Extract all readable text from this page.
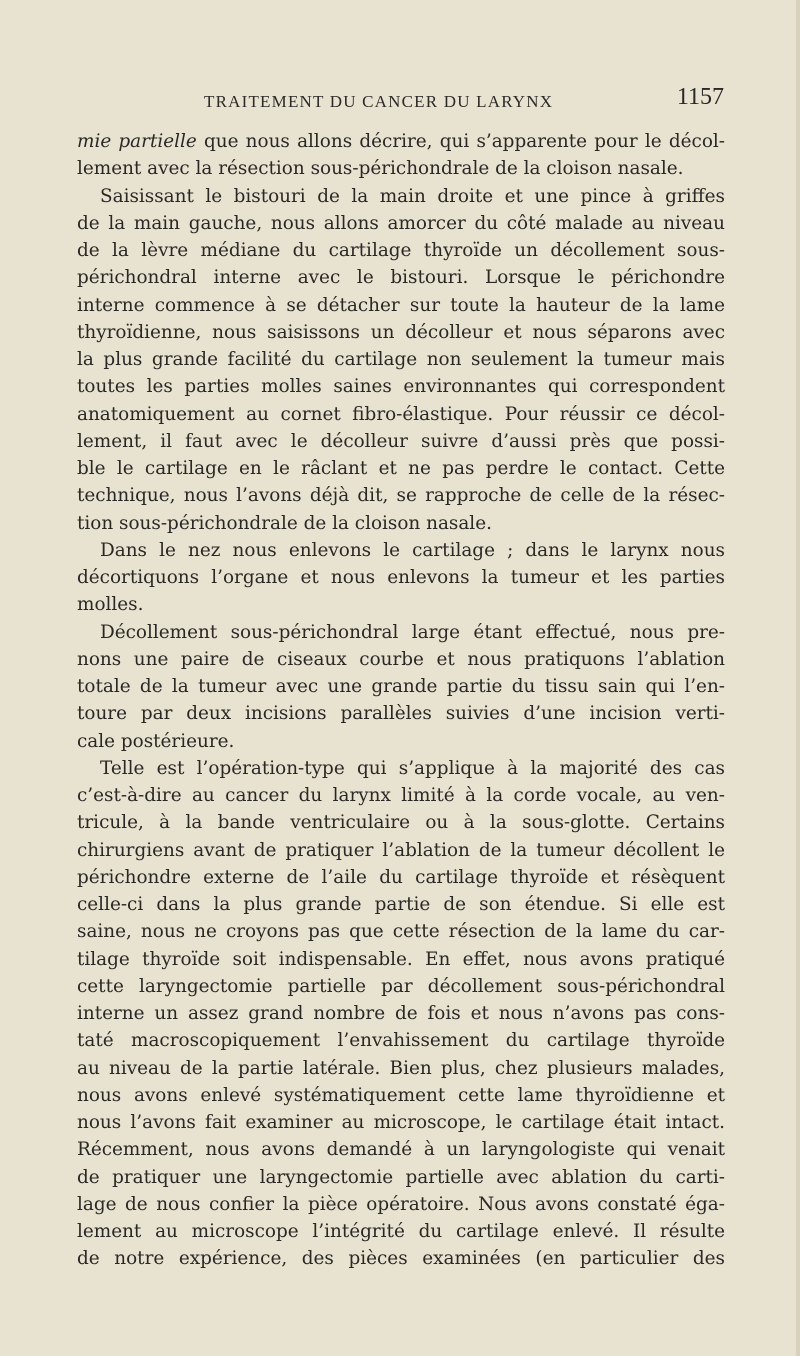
TRAITEMENT DU CANCER DU LARYNX	1157
mie partielle que nous allons décrire, qui s’apparente pour le décol-
lement avec la résection sous-périchondrale de la cloison nasale.
Saisissant le bistouri de la main droite et une pince à griffes
de la main gauche, nous allons amorcer du côté malade au niveau
de la lèvre médiane du cartilage thyroïde un décollement sous-
périchondral interne avec le bistouri. Lorsque le périchondre
interne commence à se détacher sur toute la hauteur de la lame
thyroïdienne, nous saisissons un décolleur et nous séparons avec
la plus grande facilité du cartilage non seulement la tumeur mais
toutes les parties molles saines environnantes qui correspondent
anatomiquement au cornet fibro-élastique. Pour réussir ce décol-
lement, il faut avec le décolleur suivre d’aussi près que possi-
ble le cartilage en le râclant et ne pas perdre le contact. Cette
technique, nous l’avons déjà dit, se rapproche de celle de la résec-
tion sous-périchondrale de la cloison nasale.
Dans le nez nous enlevons le cartilage ; dans le larynx nous
décortiquons l’organe et nous enlevons la tumeur et les parties
molles.
Décollement sous-périchondral large étant effectué, nous pre-
nons une paire de ciseaux courbe et nous pratiquons l’ablation
totale de la tumeur avec une grande partie du tissu sain qui l’en-
toure par deux incisions parallèles suivies d’une incision verti-
cale postérieure.
Telle est l’opération-type qui s’applique à la majorité des cas
c’est-à-dire au cancer du larynx limité à la corde vocale, au ven-
tricule, à la bande ventriculaire ou à la sous-glotte. Certains
chirurgiens avant de pratiquer l’ablation de la tumeur décollent le
périchondre externe de l’aile du cartilage thyroïde et résèquent
celle-ci dans la plus grande partie de son étendue. Si elle est
saine, nous ne croyons pas que cette résection de la lame du car-
tilage thyroïde soit indispensable. En effet, nous avons pratiqué
cette laryngectomie partielle par décollement sous-périchondral
interne un assez grand nombre de fois et nous n’avons pas cons-
taté macroscopiquement l’envahissement du cartilage thyroïde
au niveau de la partie latérale. Bien plus, chez plusieurs malades,
nous avons enlevé systématiquement cette lame thyroïdienne et
nous l’avons fait examiner au microscope, le cartilage était intact.
Récemment, nous avons demandé à un laryngologiste qui venait
de pratiquer une laryngectomie partielle avec ablation du carti-
lage de nous confier la pièce opératoire. Nous avons constaté éga-
lement au microscope l’intégrité du cartilage enlevé. Il résulte
de notre expérience, des pièces examinées (en particulier des
